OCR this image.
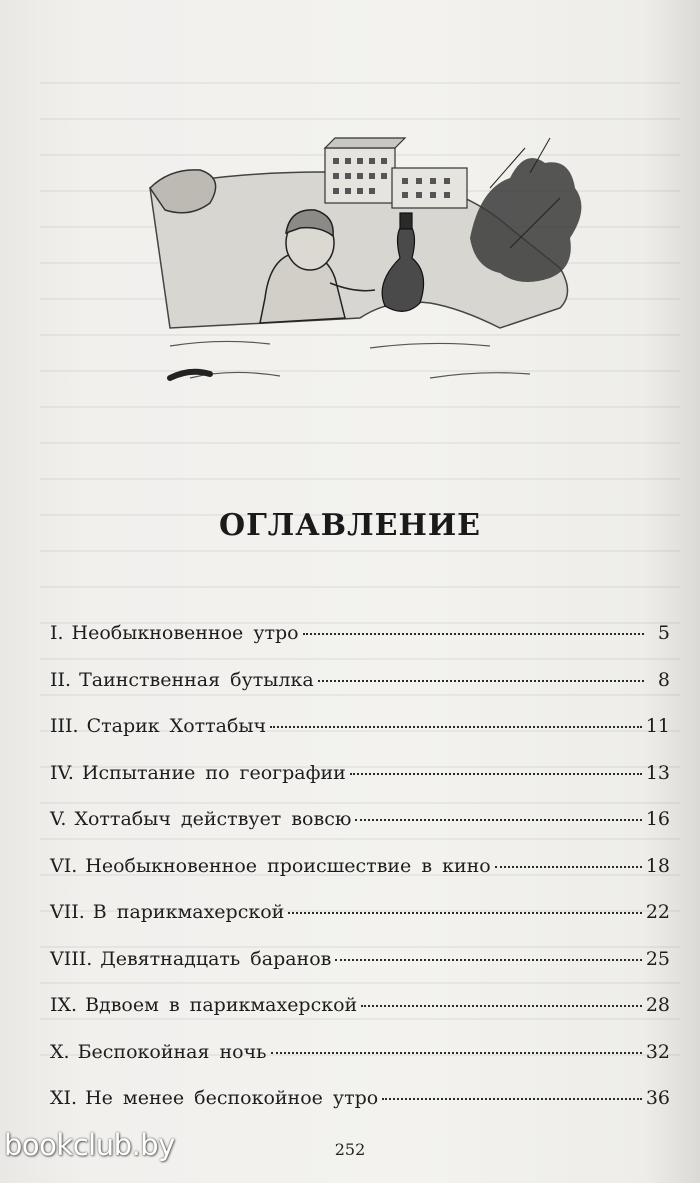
ОГЛАВЛЕНИЕ
I. Необыкновенное утро	5
II. Таинственная бутылка	8
III. Старик Хоттабыч	11
IV. Испытание по географии	13
V. Хоттабыч действует вовсю	16
VI. Необыкновенное происшествие в кино	18
VII. В парикмахерской	22
VIII. Девятнадцать баранов	25
IX. Вдвоем в парикмахерской	28
X. Беспокойная ночь	32
XI. Не менее беспокойное утро	36
252
bookclub.by
